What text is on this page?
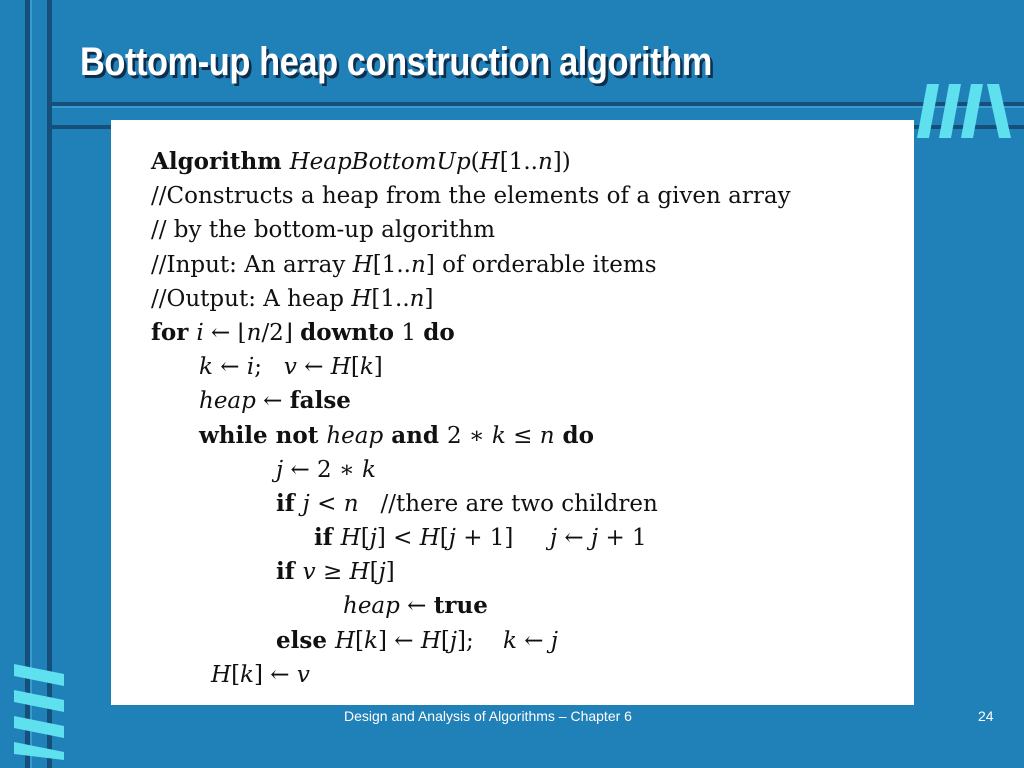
Bottom-up heap construction algorithm
Algorithm HeapBottomUp(H[1..n])
//Constructs a heap from the elements of a given array
// by the bottom-up algorithm
//Input: An array H[1..n] of orderable items
//Output: A heap H[1..n]
for i ← ⌊n/2⌋ downto 1 do
k ← i;   v ← H[k]
heap ← false
while not heap and 2 ∗ k ≤ n do
j ← 2 ∗ k
if j < n   //there are two children
if H[j] < H[j + 1]     j ← j + 1
if v ≥ H[j]
heap ← true
else H[k] ← H[j];    k ← j
H[k] ← v
Design and Analysis of Algorithms – Chapter 6	24
